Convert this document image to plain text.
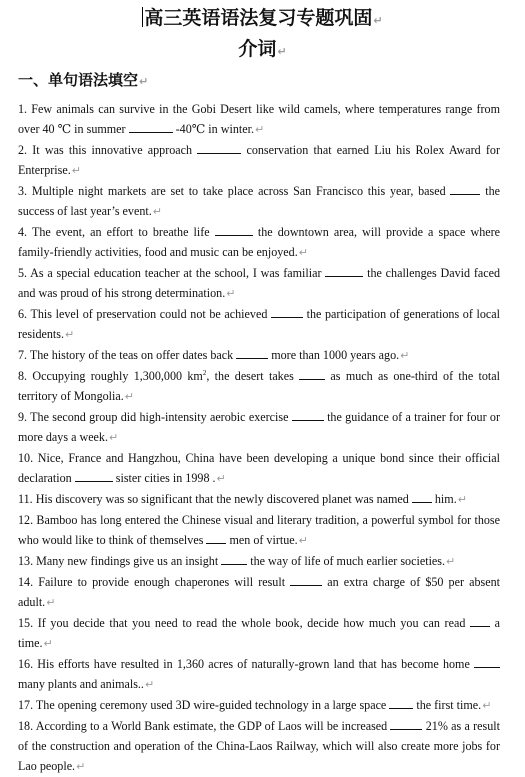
高三英语语法复习专题巩固↵
介词↵
一、单句语法填空↵

1. Few animals can survive in the Gobi Desert like wild camels, where temperatures range from over 40 ℃ in summer	-40℃ in winter.↵

2. It was this innovative approach	conservation that earned Liu his Rolex Award for Enterprise.↵

3. Multiple night markets are set to take place across San Francisco this year, based  the success of last year’s event.↵

4. The event, an effort to breathe life	the downtown area, will provide a space where family-friendly activities, food and music can be enjoyed.↵

5. As a special education teacher at the school, I was familiar	the challenges David faced and was proud of his strong determination.↵

6. This level of preservation could not be achieved	the participation of generations of local residents.↵

7. The history of the teas on offer dates back	more than 1000 years ago.↵

8. Occupying roughly 1,300,000 $km^2$, the desert takes  as much as one-third of the total territory of Mongolia.↵

9. The second group did high-intensity aerobic exercise	the guidance of a trainer for four or more days a week.↵

10. Nice, France and Hangzhou, China have been developing a unique bond since their official declaration	sister cities in 1998 .↵

11. His discovery was so significant that the newly discovered planet was named  him.↵

12. Bamboo has long entered the Chinese visual and literary tradition, a powerful symbol for those who would like to think of themselves  men of virtue.↵

13. Many new findings give us an insight  the way of life of much earlier societies.↵

14. Failure to provide enough chaperones will result	an extra charge of $50 per absent adult.↵

15. If you decide that you need to read the whole book, decide how much you can read  a time.↵

16. His efforts have resulted in 1,360 acres of naturally-grown land that has become home  many plants and animals..↵

17. The opening ceremony used 3D wire-guided technology in a large space  the first time.↵

18. According to a World Bank estimate, the GDP of Laos will be increased	21% as a result of the construction and operation of the China-Laos Railway, which will also create more jobs for Lao people.↵
